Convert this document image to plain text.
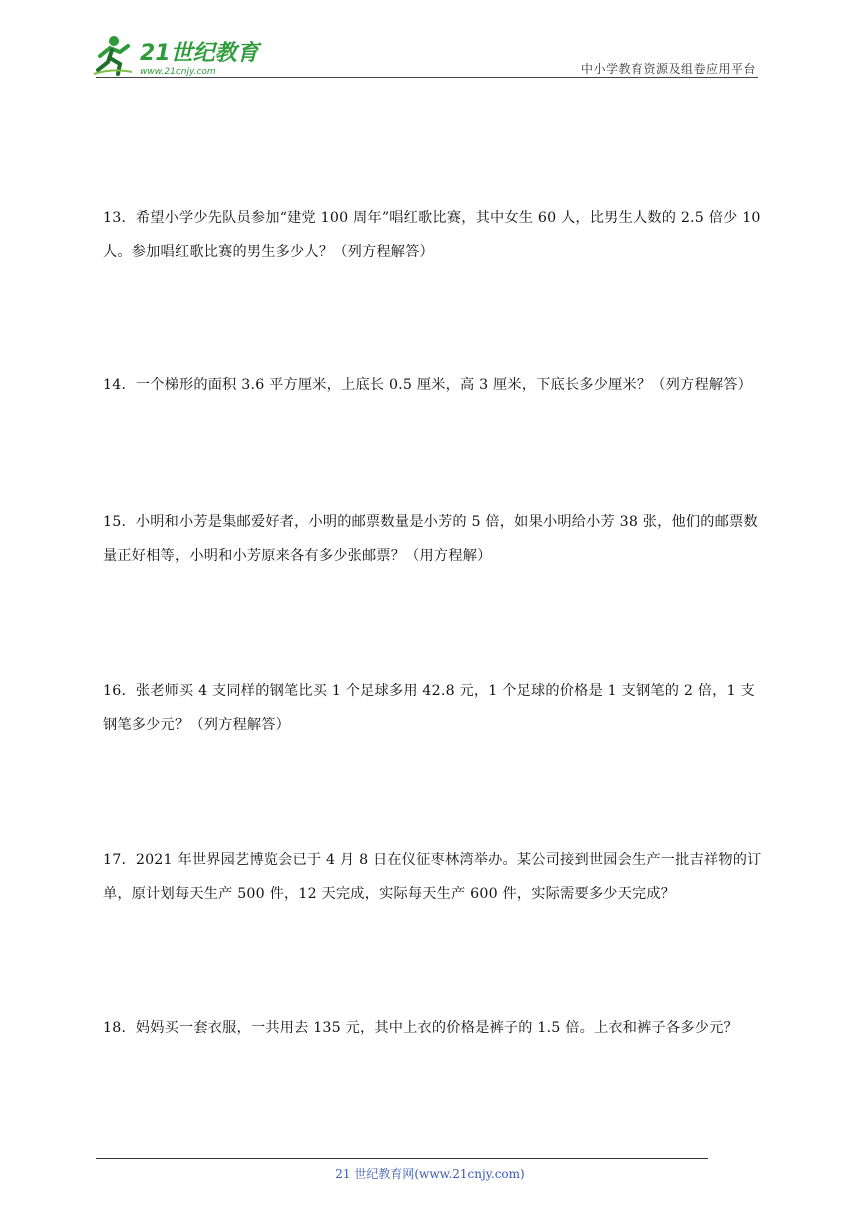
21世纪教育
www.21cnjy.com	中小学教育资源及组卷应用平台
13．希望小学少先队员参加“建党 100 周年”唱红歌比赛，其中女生 60 人，比男生人数的 2.5 倍少 10 人。参加唱红歌比赛的男生多少人？（列方程解答）
14．一个梯形的面积 3.6 平方厘米，上底长 0.5 厘米，高 3 厘米，下底长多少厘米？（列方程解答）
15．小明和小芳是集邮爱好者，小明的邮票数量是小芳的 5 倍，如果小明给小芳 38 张，他们的邮票数量正好相等，小明和小芳原来各有多少张邮票？（用方程解）
16．张老师买 4 支同样的钢笔比买 1 个足球多用 42.8 元，1 个足球的价格是 1 支钢笔的 2 倍，1 支钢笔多少元？（列方程解答）
17．2021 年世界园艺博览会已于 4 月 8 日在仪征枣林湾举办。某公司接到世园会生产一批吉祥物的订单，原计划每天生产 500 件，12 天完成，实际每天生产 600 件，实际需要多少天完成？
18．妈妈买一套衣服，一共用去 135 元，其中上衣的价格是裤子的 1.5 倍。上衣和裤子各多少元？
21 世纪教育网(www.21cnjy.com)
